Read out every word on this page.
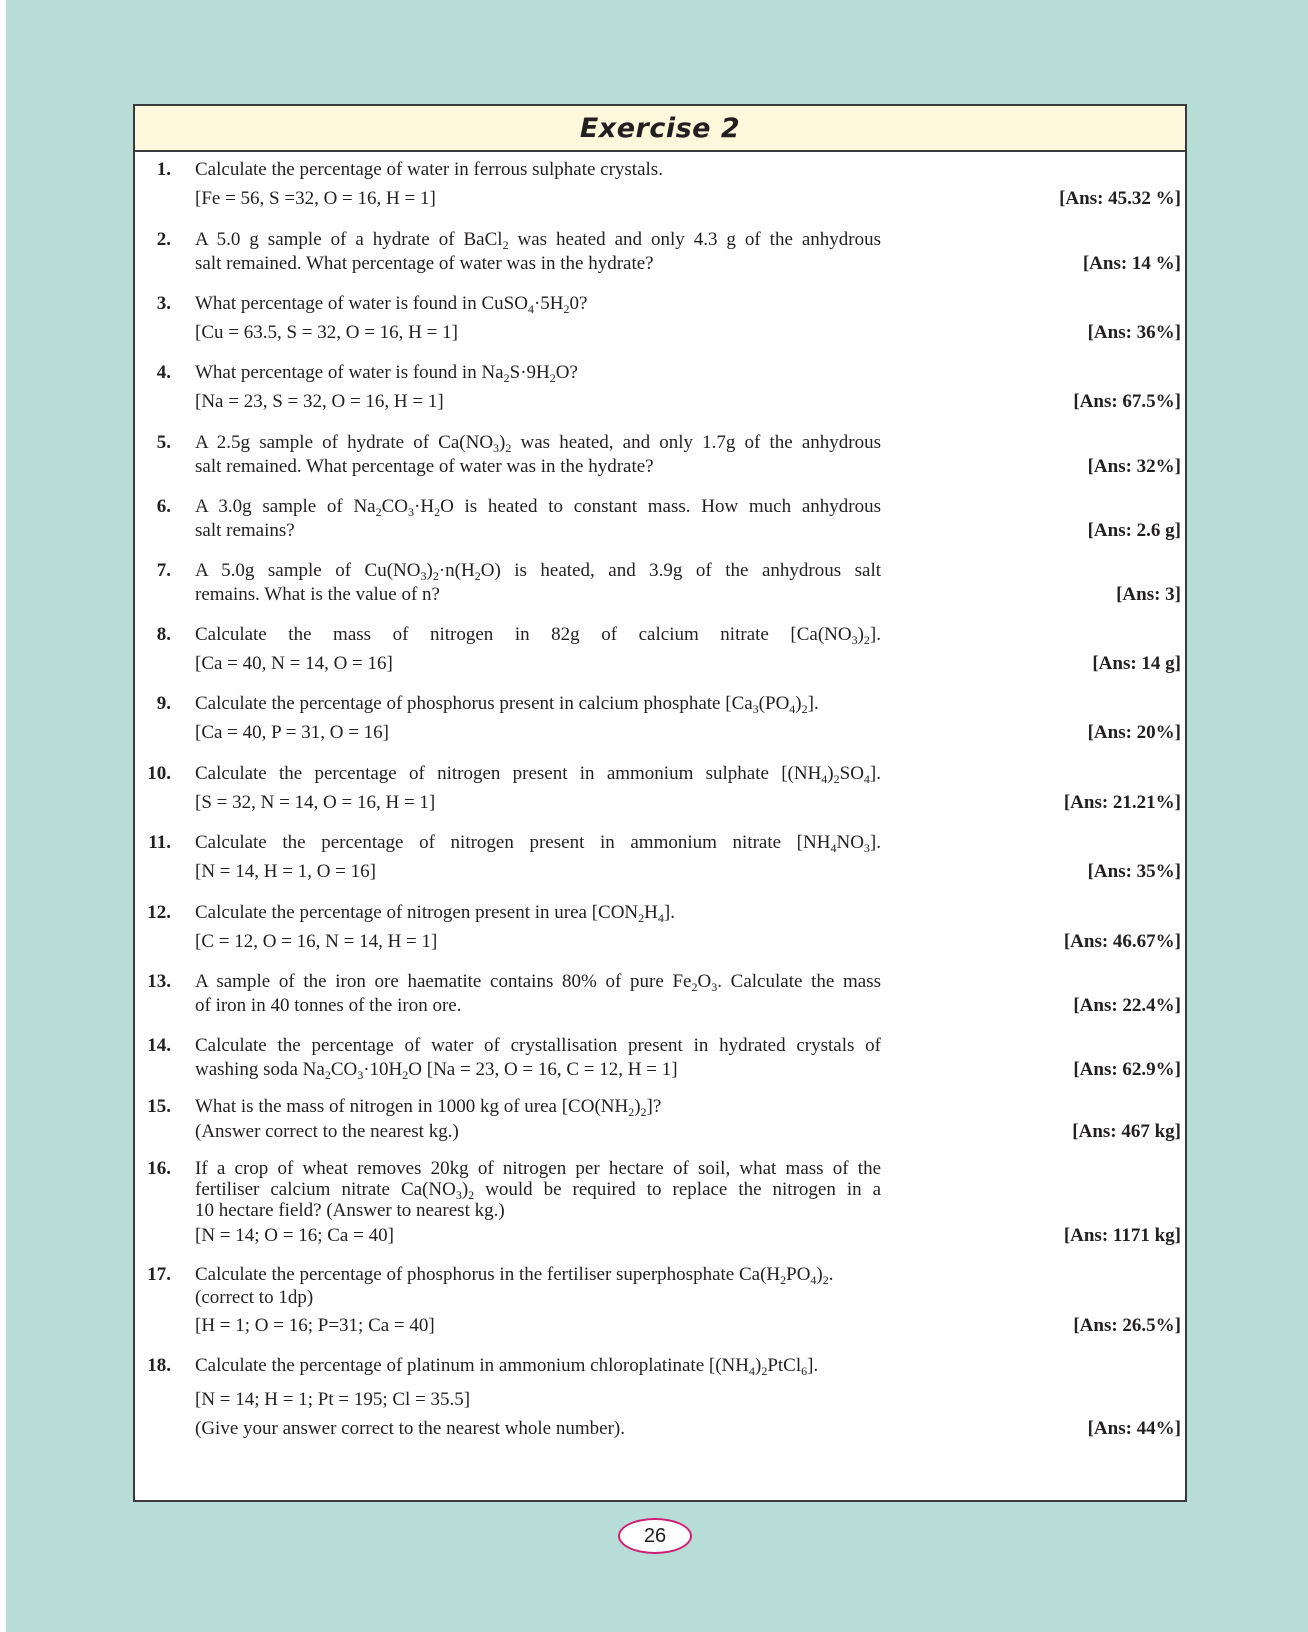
Exercise 2
1. Calculate the percentage of water in ferrous sulphate crystals.
[Fe = 56, S =32, O = 16, H = 1]	[Ans: 45.32 %]
2. A 5.0 g sample of a hydrate of BaCl$_2$ was heated and only 4.3 g of the anhydrous
salt remained. What percentage of water was in the hydrate?	[Ans: 14 %]
3. What percentage of water is found in $CuSO_4\cdot 5H_20$?
[Cu = 63.5, S = 32, O = 16, H = 1]	[Ans: 36%]
4. What percentage of water is found in $Na_2S\cdot 9H_2O$?
[Na = 23, S = 32, O = 16, H = 1]	[Ans: 67.5%]
5. A 2.5g sample of hydrate of $Ca(NO_3)_2$ was heated, and only 1.7g of the anhydrous
salt remained. What percentage of water was in the hydrate?	[Ans: 32%]
6. A 3.0g sample of $Na_2CO_3\cdot H_2O$ is heated to constant mass. How much anhydrous
salt remains?	[Ans: 2.6 g]
7. A 5.0g sample of $Cu(NO_3)_2\cdot n(H_2O)$ is heated, and 3.9g of the anhydrous salt
remains. What is the value of n?	[Ans: 3]
8. Calculate the mass of nitrogen in 82g of calcium nitrate $[Ca(NO_3)_2]$.
[Ca = 40, N = 14, O = 16]	[Ans: 14 g]
9. Calculate the percentage of phosphorus present in calcium phosphate $[Ca_3(PO_4)_2]$.
[Ca = 40, P = 31, O = 16]	[Ans: 20%]
10. Calculate the percentage of nitrogen present in ammonium sulphate $[(NH_4)_2SO_4]$.
[S = 32, N = 14, O = 16, H = 1]	[Ans: 21.21%]
11. Calculate the percentage of nitrogen present in ammonium nitrate $[NH_4NO_3]$.
[N = 14, H = 1, O = 16]	[Ans: 35%]
12. Calculate the percentage of nitrogen present in urea $[CON_2H_4]$.
[C = 12, O = 16, N = 14, H = 1]	[Ans: 46.67%]
13. A sample of the iron ore haematite contains 80% of pure $Fe_2O_3$. Calculate the mass
of iron in 40 tonnes of the iron ore.	[Ans: 22.4%]
14. Calculate the percentage of water of crystallisation present in hydrated crystals of
washing soda $Na_2CO_3\cdot 10H_2O$ [Na = 23, O = 16, C = 12, H = 1]	[Ans: 62.9%]
15. What is the mass of nitrogen in 1000 kg of urea $[CO(NH_2)_2]$?
(Answer correct to the nearest kg.)	[Ans: 467 kg]
16. If a crop of wheat removes 20kg of nitrogen per hectare of soil, what mass of the
fertiliser calcium nitrate $Ca(NO_3)_2$ would be required to replace the nitrogen in a
10 hectare field? (Answer to nearest kg.)
[N = 14; O = 16; Ca = 40]	[Ans: 1171 kg]
17. Calculate the percentage of phosphorus in the fertiliser superphosphate $Ca(H_2PO_4)_2$.
(correct to 1dp)
[H = 1; O = 16; P=31; Ca = 40]	[Ans: 26.5%]
18. Calculate the percentage of platinum in ammonium chloroplatinate $[(NH_4)_2PtCl_6]$.
[N = 14; H = 1; Pt = 195; Cl = 35.5]
(Give your answer correct to the nearest whole number).	[Ans: 44%]
26
